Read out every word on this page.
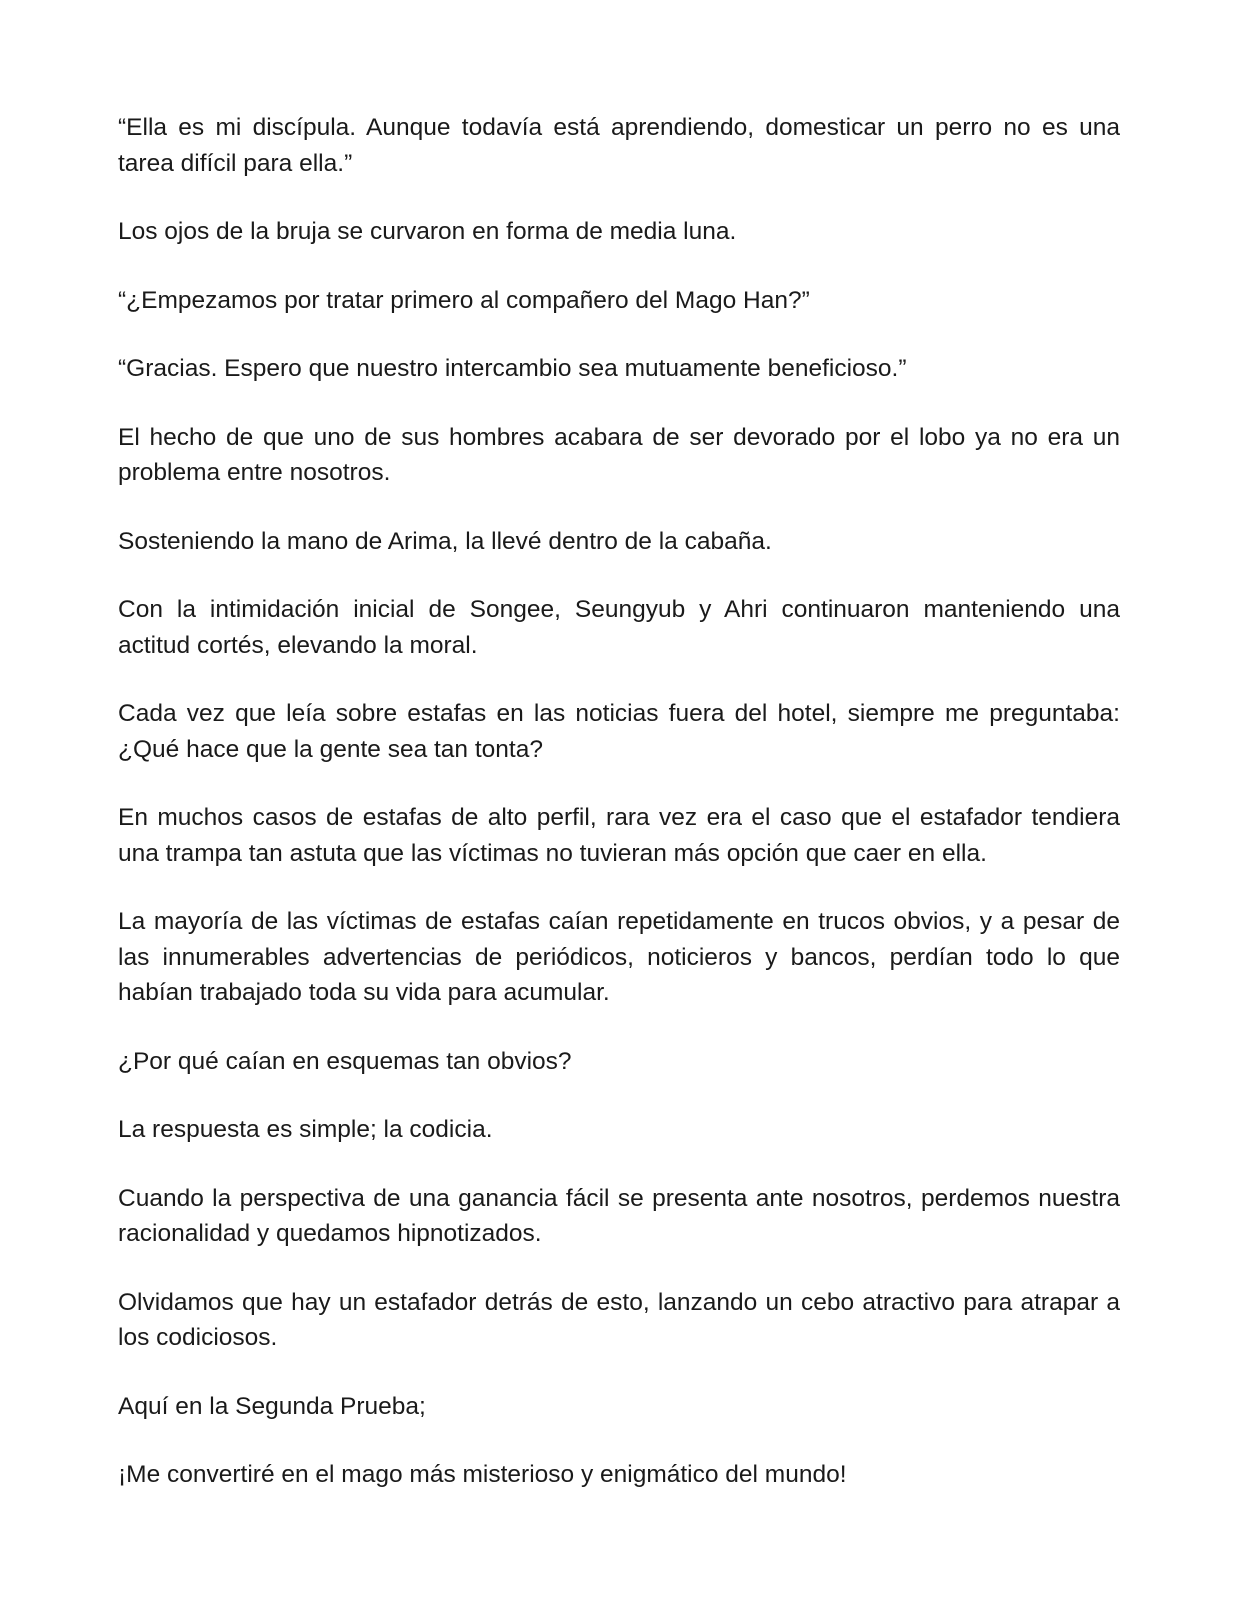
“Ella es mi discípula. Aunque todavía está aprendiendo, domesticar un perro no es una tarea difícil para ella.”

Los ojos de la bruja se curvaron en forma de media luna.

“¿Empezamos por tratar primero al compañero del Mago Han?”

“Gracias. Espero que nuestro intercambio sea mutuamente beneficioso.”

El hecho de que uno de sus hombres acabara de ser devorado por el lobo ya no era un problema entre nosotros.

Sosteniendo la mano de Arima, la llevé dentro de la cabaña.

Con la intimidación inicial de Songee, Seungyub y Ahri continuaron manteniendo una actitud cortés, elevando la moral.

Cada vez que leía sobre estafas en las noticias fuera del hotel, siempre me preguntaba: ¿Qué hace que la gente sea tan tonta?

En muchos casos de estafas de alto perfil, rara vez era el caso que el estafador tendiera una trampa tan astuta que las víctimas no tuvieran más opción que caer en ella.

La mayoría de las víctimas de estafas caían repetidamente en trucos obvios, y a pesar de las innumerables advertencias de periódicos, noticieros y bancos, perdían todo lo que habían trabajado toda su vida para acumular.

¿Por qué caían en esquemas tan obvios?

La respuesta es simple; la codicia.

Cuando la perspectiva de una ganancia fácil se presenta ante nosotros, perdemos nuestra racionalidad y quedamos hipnotizados.

Olvidamos que hay un estafador detrás de esto, lanzando un cebo atractivo para atrapar a los codiciosos.

Aquí en la Segunda Prueba;

¡Me convertiré en el mago más misterioso y enigmático del mundo!
